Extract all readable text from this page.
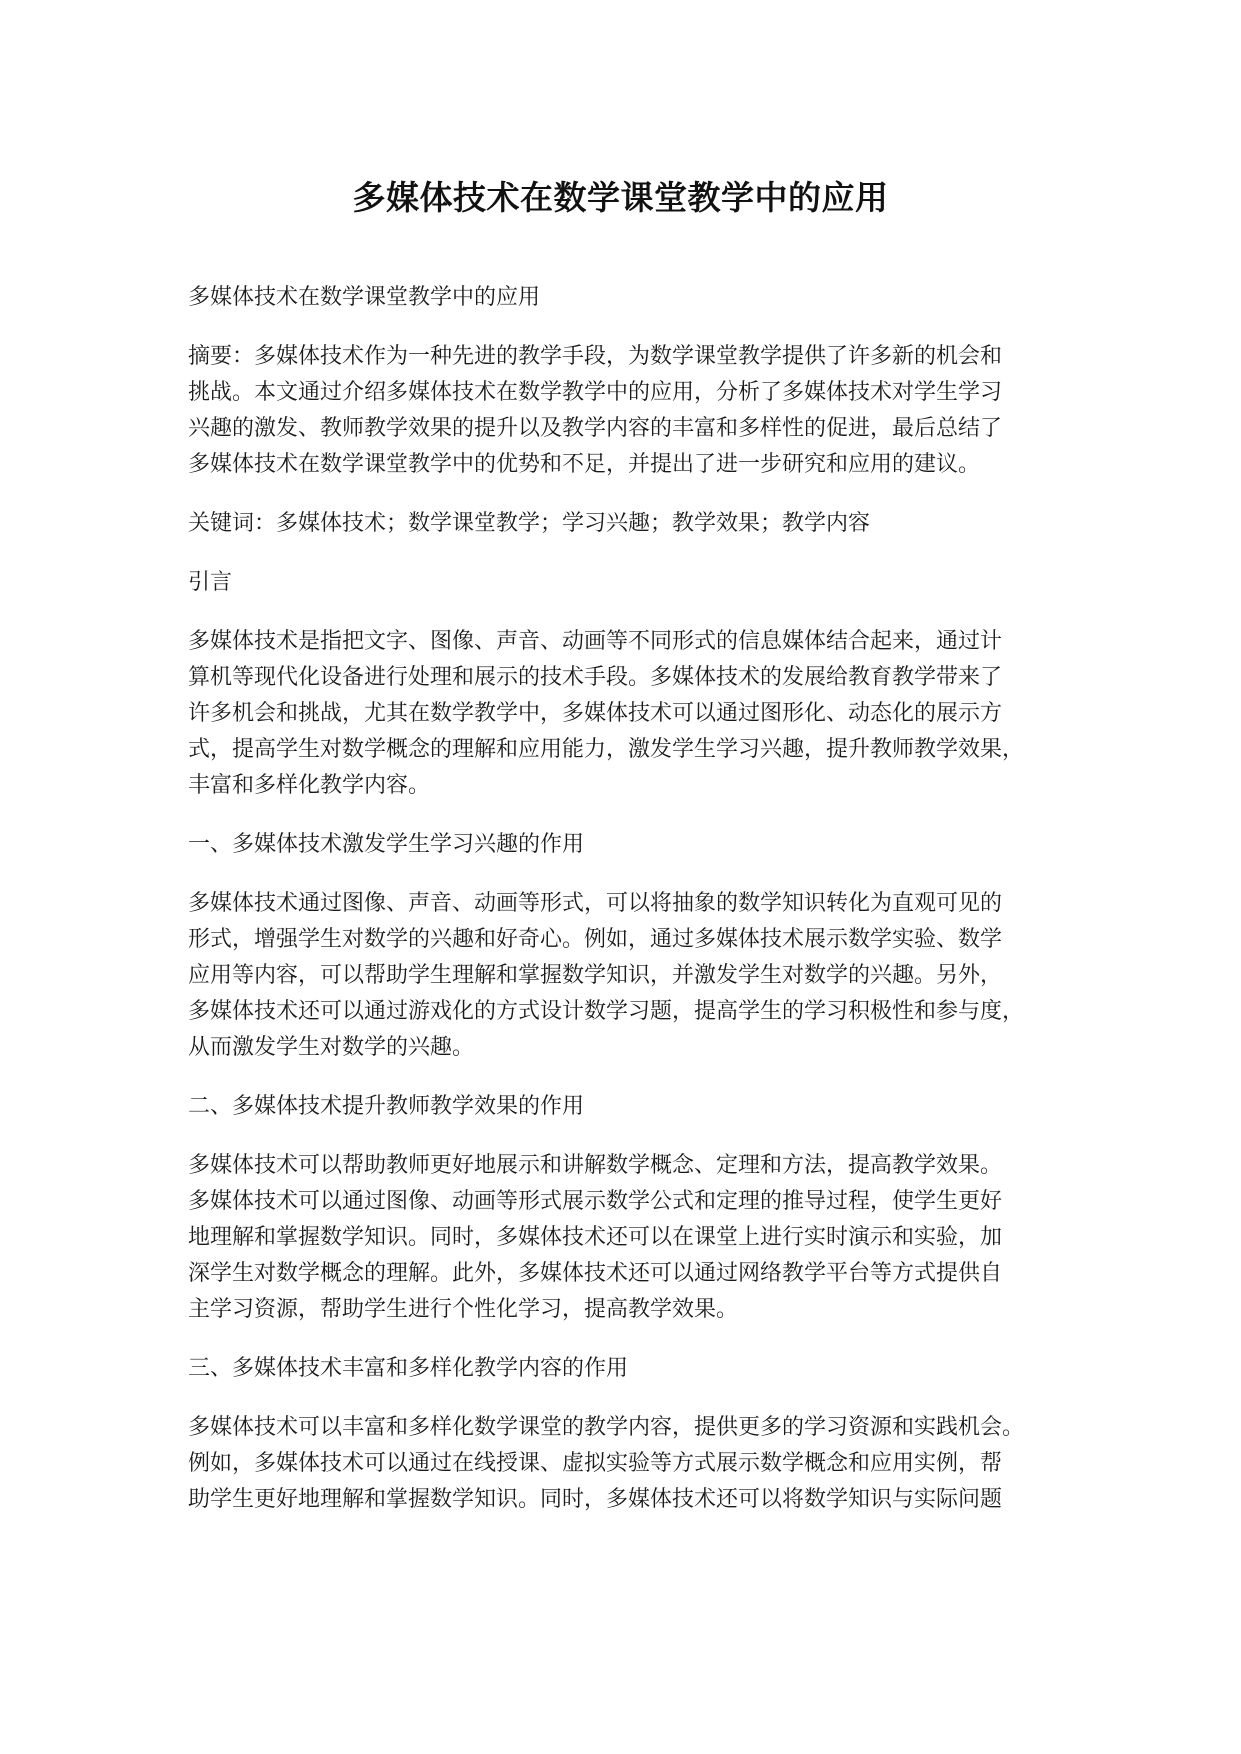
多媒体技术在数学课堂教学中的应用

多媒体技术在数学课堂教学中的应用

摘要：多媒体技术作为一种先进的教学手段，为数学课堂教学提供了许多新的机会和
挑战。本文通过介绍多媒体技术在数学教学中的应用，分析了多媒体技术对学生学习
兴趣的激发、教师教学效果的提升以及教学内容的丰富和多样性的促进，最后总结了
多媒体技术在数学课堂教学中的优势和不足，并提出了进一步研究和应用的建议。

关键词：多媒体技术；数学课堂教学；学习兴趣；教学效果；教学内容

引言

多媒体技术是指把文字、图像、声音、动画等不同形式的信息媒体结合起来，通过计
算机等现代化设备进行处理和展示的技术手段。多媒体技术的发展给教育教学带来了
许多机会和挑战，尤其在数学教学中，多媒体技术可以通过图形化、动态化的展示方
式，提高学生对数学概念的理解和应用能力，激发学生学习兴趣，提升教师教学效果，
丰富和多样化教学内容。

一、多媒体技术激发学生学习兴趣的作用

多媒体技术通过图像、声音、动画等形式，可以将抽象的数学知识转化为直观可见的
形式，增强学生对数学的兴趣和好奇心。例如，通过多媒体技术展示数学实验、数学
应用等内容，可以帮助学生理解和掌握数学知识，并激发学生对数学的兴趣。另外，
多媒体技术还可以通过游戏化的方式设计数学习题，提高学生的学习积极性和参与度，
从而激发学生对数学的兴趣。

二、多媒体技术提升教师教学效果的作用

多媒体技术可以帮助教师更好地展示和讲解数学概念、定理和方法，提高教学效果。
多媒体技术可以通过图像、动画等形式展示数学公式和定理的推导过程，使学生更好
地理解和掌握数学知识。同时，多媒体技术还可以在课堂上进行实时演示和实验，加
深学生对数学概念的理解。此外，多媒体技术还可以通过网络教学平台等方式提供自
主学习资源，帮助学生进行个性化学习，提高教学效果。

三、多媒体技术丰富和多样化教学内容的作用

多媒体技术可以丰富和多样化数学课堂的教学内容，提供更多的学习资源和实践机会。
例如，多媒体技术可以通过在线授课、虚拟实验等方式展示数学概念和应用实例，帮
助学生更好地理解和掌握数学知识。同时，多媒体技术还可以将数学知识与实际问题
